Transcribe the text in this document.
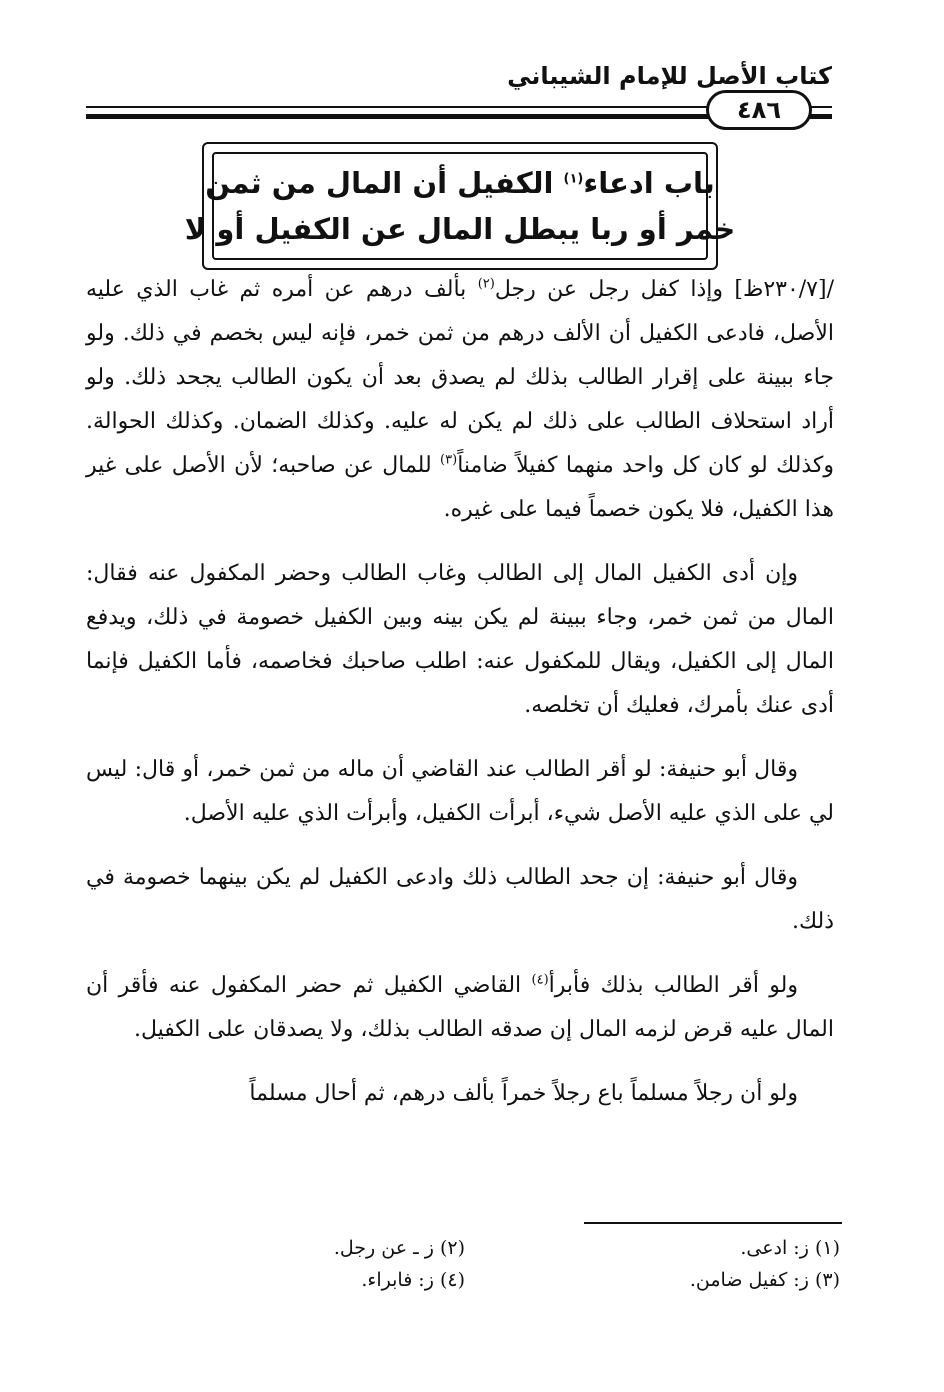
كتاب الأصل للإمام الشيباني
٤٨٦
باب ادعاء$^{(١)}$ الكفيل أن المال من ثمن
خمر أو ربا يبطل المال عن الكفيل أو لا

/[٢٣٠/٧ظ] وإذا كفل رجل عن رجل$^{(٢)}$ بألف درهم عن أمره ثم غاب الذي عليه الأصل، فادعى الكفيل أن الألف درهم من ثمن خمر، فإنه ليس بخصم في ذلك. ولو جاء ببينة على إقرار الطالب بذلك لم يصدق بعد أن يكون الطالب يجحد ذلك. ولو أراد استحلاف الطالب على ذلك لم يكن له عليه. وكذلك الضمان. وكذلك الحوالة. وكذلك لو كان كل واحد منهما كفيلاً ضامناً$^{(٣)}$ للمال عن صاحبه؛ لأن الأصل على غير هذا الكفيل، فلا يكون خصماً فيما على غيره.

وإن أدى الكفيل المال إلى الطالب وغاب الطالب وحضر المكفول عنه فقال: المال من ثمن خمر، وجاء ببينة لم يكن بينه وبين الكفيل خصومة في ذلك، ويدفع المال إلى الكفيل، ويقال للمكفول عنه: اطلب صاحبك فخاصمه، فأما الكفيل فإنما أدى عنك بأمرك، فعليك أن تخلصه.

وقال أبو حنيفة: لو أقر الطالب عند القاضي أن ماله من ثمن خمر، أو قال: ليس لي على الذي عليه الأصل شيء، أبرأت الكفيل، وأبرأت الذي عليه الأصل.

وقال أبو حنيفة: إن جحد الطالب ذلك وادعى الكفيل لم يكن بينهما خصومة في ذلك.

ولو أقر الطالب بذلك فأبرأ$^{(٤)}$ القاضي الكفيل ثم حضر المكفول عنه فأقر أن المال عليه قرض لزمه المال إن صدقه الطالب بذلك، ولا يصدقان على الكفيل.

ولو أن رجلاً مسلماً باع رجلاً خمراً بألف درهم، ثم أحال مسلماً

(١) ز: ادعى.
(٢) ز ـ عن رجل.
(٣) ز: كفيل ضامن.
(٤) ز: فابراء.
